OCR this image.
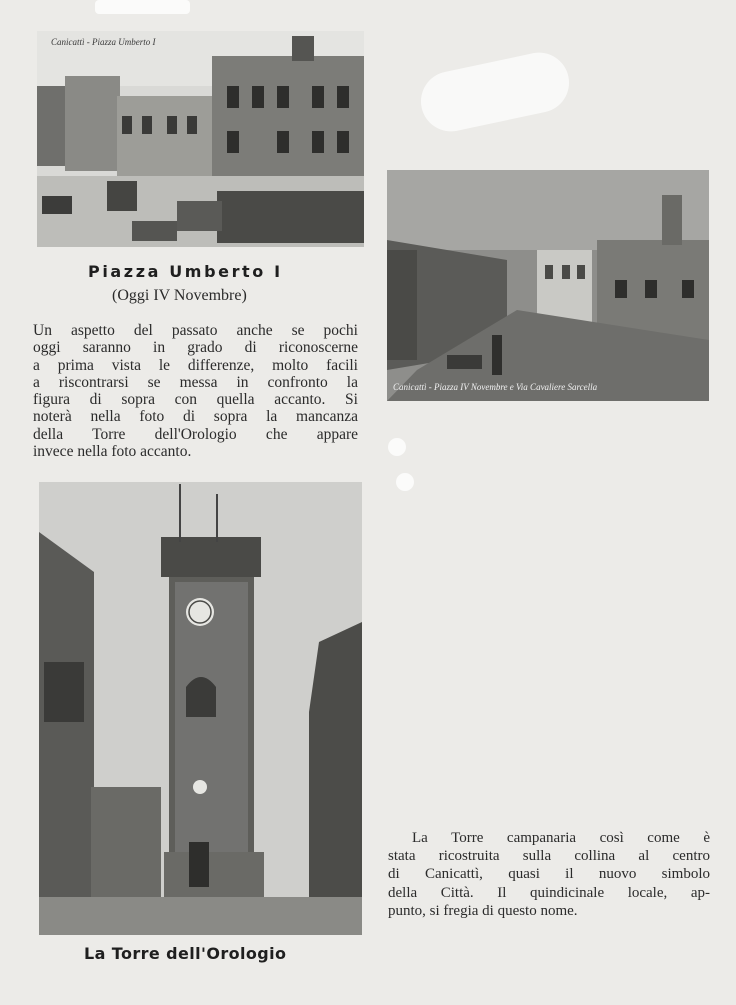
Canicattì - Piazza Umberto I
Canicattì - Piazza IV Novembre e Via Cavaliere Sarcella
Piazza Umberto I
(Oggi IV Novembre)
Un aspetto del passato anche se pochi
oggi saranno in grado di riconoscerne
a prima vista le differenze, molto facili
a riscontrarsi se messa in confronto la
figura di sopra con quella accanto. Si
noterà nella foto di sopra la mancanza
della Torre dell'Orologio che appare
invece nella foto accanto.
La Torre dell'Orologio
La Torre campanaria così come è
stata ricostruita sulla collina al centro
di Canicattì, quasi il nuovo simbolo
della Città. Il quindicinale locale, ap-
punto, si fregia di questo nome.
